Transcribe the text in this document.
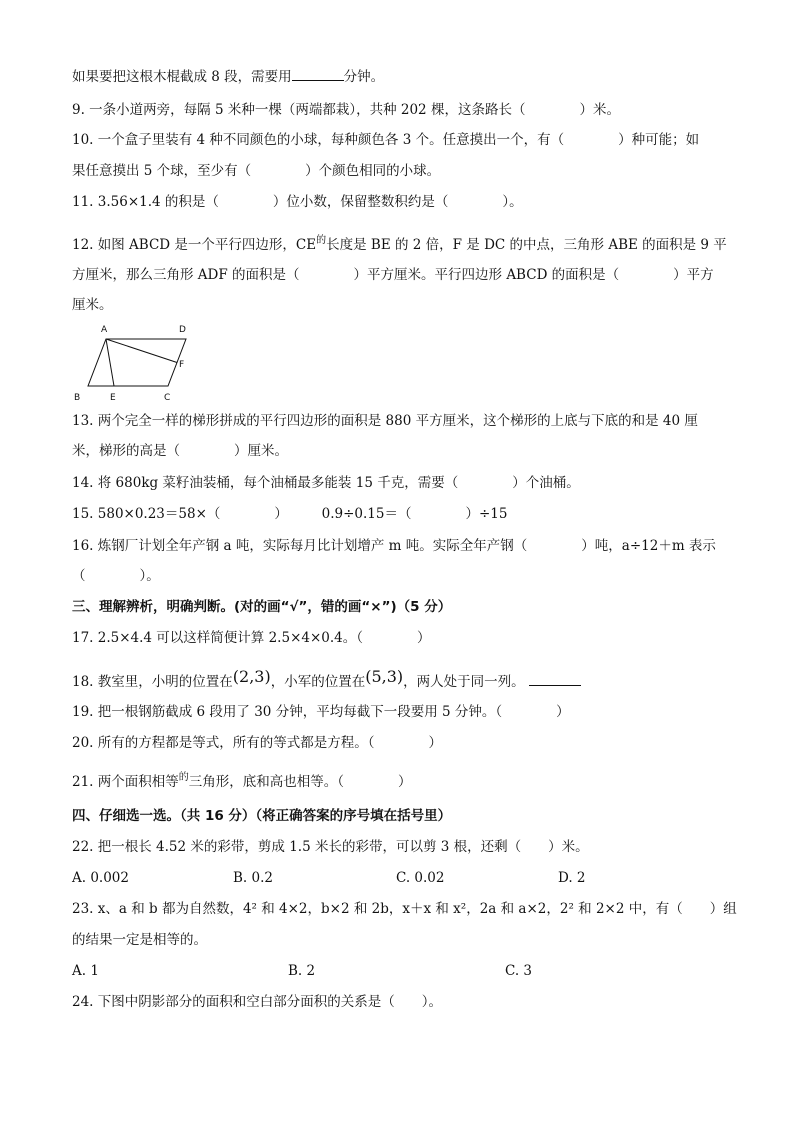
如果要把这根木棍截成 8 段，需要用	分钟。
9. 一条小道两旁，每隔 5 米种一棵（两端都栽），共种 202 棵，这条路长（　　　　）米。
10. 一个盒子里装有 4 种不同颜色的小球，每种颜色各 3 个。任意摸出一个，有（　　　　）种可能；如
果任意摸出 5 个球，至少有（　　　　）个颜色相同的小球。
11. 3.56×1.4 的积是（　　　　）位小数，保留整数积约是（　　　　）。
12. 如图 ABCD 是一个平行四边形，$CE^的$长度是 BE 的 2 倍，F 是 DC 的中点，三角形 ABE 的面积是 9 平
方厘米，那么三角形 ADF 的面积是（　　　　）平方厘米。平行四边形 ABCD 的面积是（　　　　）平方
厘米。
A	D
B	E	C
F
13. 两个完全一样的梯形拼成的平行四边形的面积是 880 平方厘米，这个梯形的上底与下底的和是 40 厘
米，梯形的高是（　　　　）厘米。
14. 将 680kg 菜籽油装桶，每个油桶最多能装 15 千克，需要（　　　　）个油桶。
15. 580×0.23＝58×（　　　　）　　　0.9÷0.15＝（　　　　）÷15
16. 炼钢厂计划全年产钢 a 吨，实际每月比计划增产 m 吨。实际全年产钢（　　　　）吨，a÷12＋m 表示
（　　　　）。
三、理解辨析，明确判断。(对的画“√”，错的画“×”)（5 分）
17. 2.5×4.4 可以这样简便计算 2.5×4×0.4。（　　　　）
18. 教室里，小明的位置在(2,3)，小军的位置在(5,3)，两人处于同一列。
19. 把一根钢筋截成 6 段用了 30 分钟，平均每截下一段要用 5 分钟。（　　　　）
20. 所有的方程都是等式，所有的等式都是方程。（　　　　）
21. 两个面积相等$^的$三角形，底和高也相等。（　　　　）
四、仔细选一选。（共 16 分）（将正确答案的序号填在括号里）
22. 把一根长 4.52 米的彩带，剪成 1.5 米长的彩带，可以剪 3 根，还剩（　　）米。
A. 0.002	B. 0.2	C. 0.02	D. 2
23. x、a 和 b 都为自然数，4² 和 4×2，b×2 和 2b，x＋x 和 x²，2a 和 a×2，2² 和 2×2 中，有（　　）组
的结果一定是相等的。
A. 1	B. 2	C. 3
24. 下图中阴影部分的面积和空白部分面积的关系是（　　）。
